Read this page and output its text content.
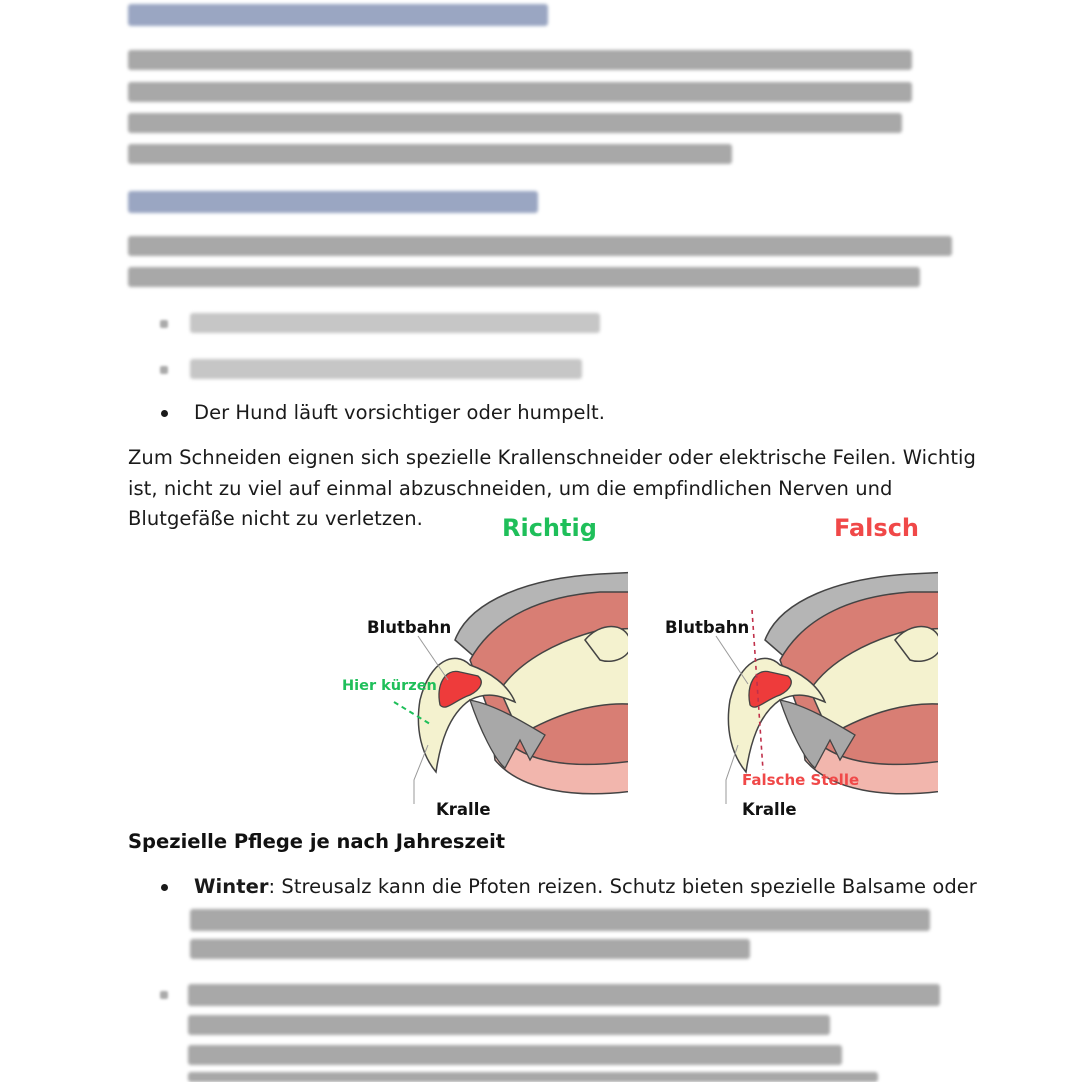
Der Hund läuft vorsichtiger oder humpelt.
Zum Schneiden eignen sich spezielle Krallenschneider oder elektrische Feilen. Wichtig
ist, nicht zu viel auf einmal abzuschneiden, um die empfindlichen Nerven und
Blutgefäße nicht zu verletzen.	Richtig	Falsch
Blutbahn
Hier kürzen
Kralle
Blutbahn
Falsche Stelle
Kralle
Spezielle Pflege je nach Jahreszeit
Winter: Streusalz kann die Pfoten reizen. Schutz bieten spezielle Balsame oder
